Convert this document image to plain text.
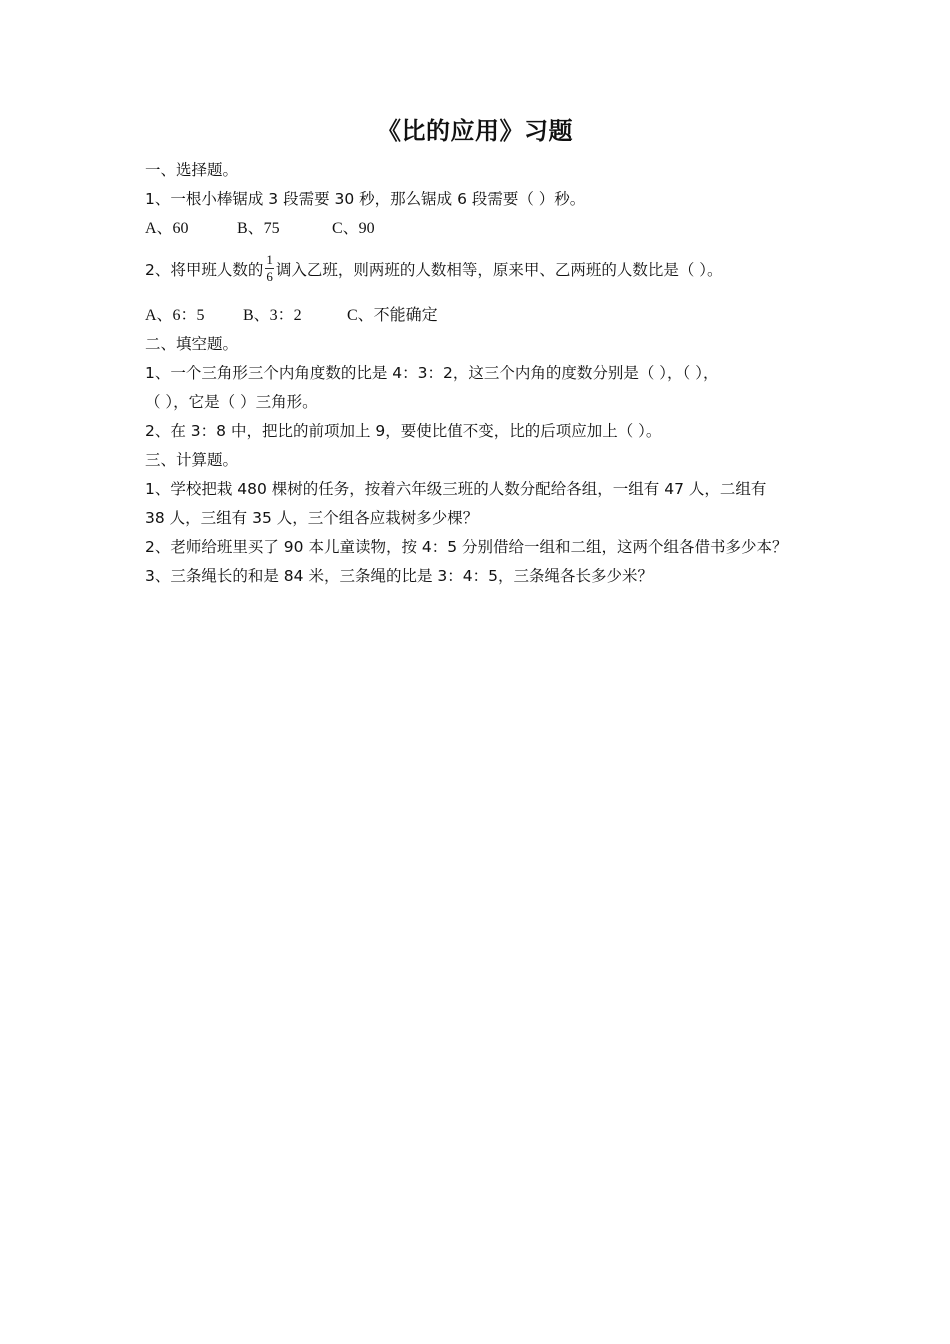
《比的应用》习题
一、选择题。
1、一根小棒锯成 3 段需要 30 秒，那么锯成 6 段需要（ ）秒。
A、60	B、75	C、90
2、将甲班人数的 $\frac{1}{6}$ 调入乙班，则两班的人数相等，原来甲、乙两班的人数比是（ ）。
A、6：5 B、3：2	C、不能确定
二、填空题。
1、一个三角形三个内角度数的比是 4：3：2，这三个内角的度数分别是（ ），（ ），
（ ），它是（ ）三角形。
2、在 3：8 中，把比的前项加上 9，要使比值不变，比的后项应加上（ ）。
三、计算题。
1、学校把栽 480 棵树的任务，按着六年级三班的人数分配给各组，一组有 47 人，二组有
38 人，三组有 35 人，三个组各应栽树多少棵？
2、老师给班里买了 90 本儿童读物，按 4：5 分别借给一组和二组，这两个组各借书多少本？
3、三条绳长的和是 84 米，三条绳的比是 3：4：5，三条绳各长多少米？
